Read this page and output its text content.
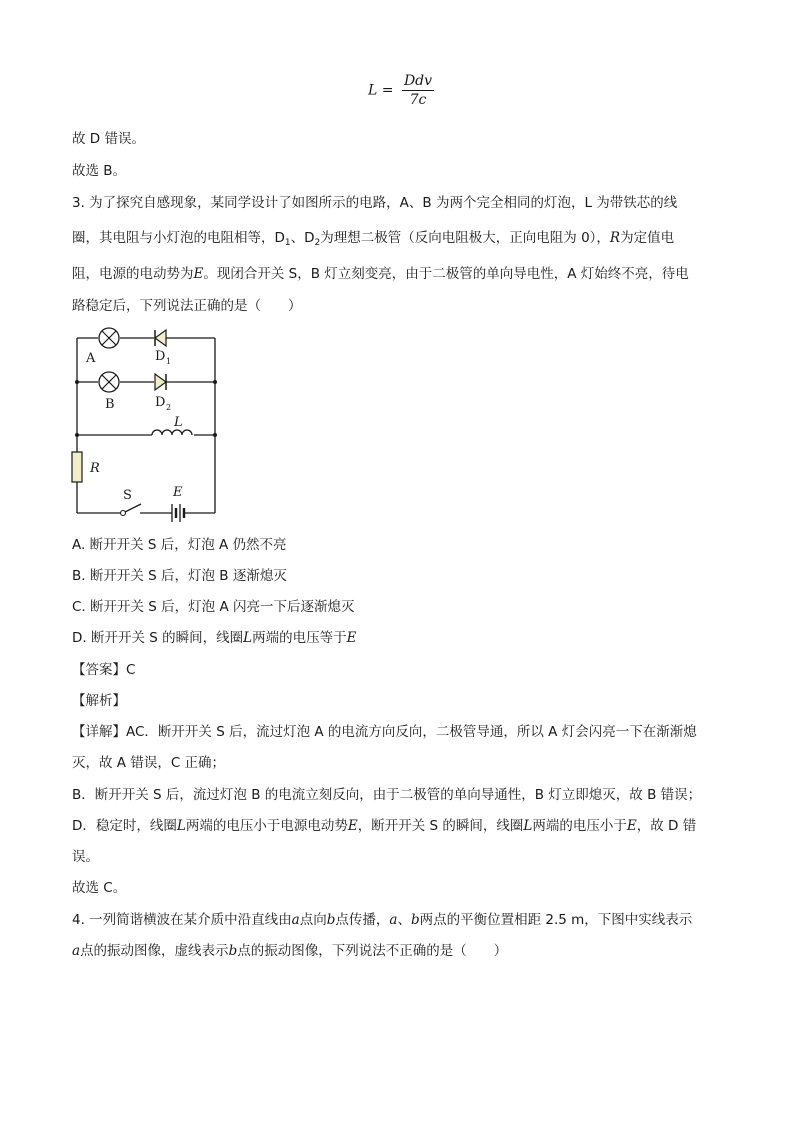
$L = \frac{\text{Ddv}}{7c}$
故 D 错误。
故选 B。
3. 为了探究自感现象，某同学设计了如图所示的电路，A、B 为两个完全相同的灯泡，L 为带铁芯的线
圈，其电阻与小灯泡的电阻相等，$D_1$、$D_2$为理想二极管（反向电阻极大，正向电阻为 0），R为定值电
阻，电源的电动势为E。现闭合开关 S，B 灯立刻变亮，由于二极管的单向导电性，A 灯始终不亮，待电
路稳定后，下列说法正确的是（　　）
A
B
D 1
D 2
L
R
S	E
A. 断开开关 S 后，灯泡 A 仍然不亮
B. 断开开关 S 后，灯泡 B 逐渐熄灭
C. 断开开关 S 后，灯泡 A 闪亮一下后逐渐熄灭
D. 断开开关 S 的瞬间，线圈L两端的电压等于E
【答案】C
【解析】
【详解】AC．断开开关 S 后，流过灯泡 A 的电流方向反向，二极管导通，所以 A 灯会闪亮一下在渐渐熄
灭，故 A 错误，C 正确；
B．断开开关 S 后，流过灯泡 B 的电流立刻反向，由于二极管的单向导通性，B 灯立即熄灭，故 B 错误；
D．稳定时，线圈L两端的电压小于电源电动势E，断开开关 S 的瞬间，线圈L两端的电压小于E，故 D 错
误。
故选 C。
4. 一列简谐横波在某介质中沿直线由a点向b点传播，a、b两点的平衡位置相距 2.5 m，下图中实线表示
a点的振动图像，虚线表示b点的振动图像，下列说法不正确的是（　　）
